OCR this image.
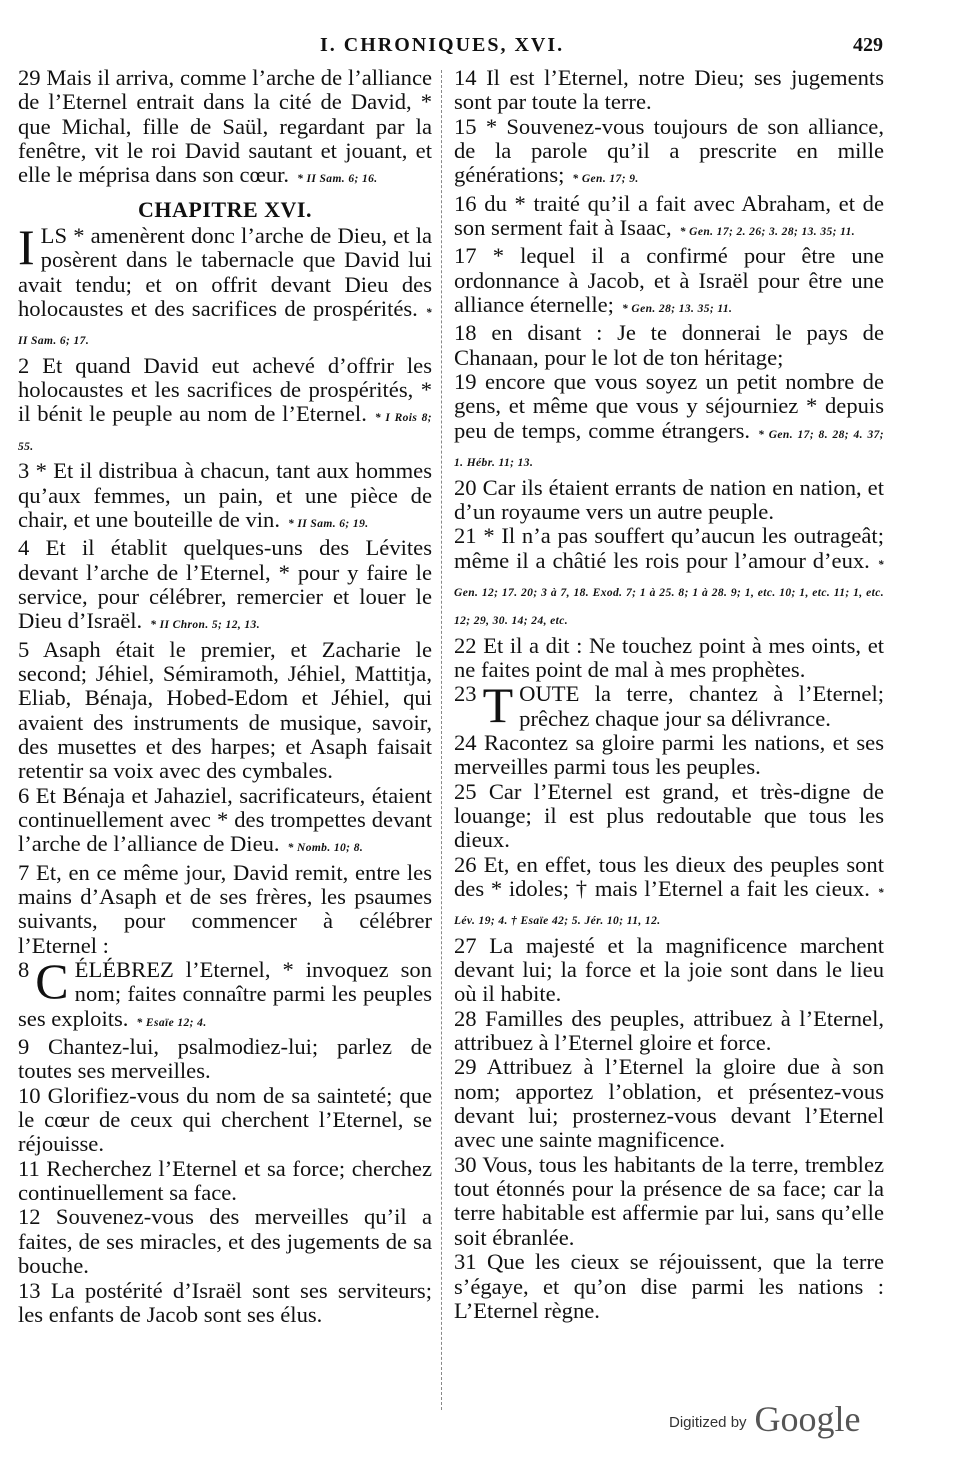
I. CHRONIQUES, XVI.	429
29 Mais il arriva, comme l’arche de l’alliance de l’Eternel entrait dans la cité de David, * que Michal, fille de Saül, regardant par la fenêtre, vit le roi David sautant et jouant, et elle le méprisa dans son cœur. * II Sam. 6; 16.
CHAPITRE XVI.
ILS * amenèrent donc l’arche de Dieu, et la posèrent dans le tabernacle que David lui avait tendu; et on offrit devant Dieu des holocaustes et des sacrifices de prospérités. * II Sam. 6; 17.
2 Et quand David eut achevé d’offrir les holocaustes et les sacrifices de prospérités, * il bénit le peuple au nom de l’Eternel. * I Rois 8; 55.
3 * Et il distribua à chacun, tant aux hommes qu’aux femmes, un pain, et une pièce de chair, et une bouteille de vin. * II Sam. 6; 19.
4 Et il établit quelques-uns des Lévites devant l’arche de l’Eternel, * pour y faire le service, pour célébrer, remercier et louer le Dieu d’Israël. * II Chron. 5; 12, 13.
5 Asaph était le premier, et Zacharie le second; Jéhiel, Sémiramoth, Jéhiel, Mattitja, Eliab, Bénaja, Hobed-Edom et Jéhiel, qui avaient des instruments de musique, savoir, des musettes et des harpes; et Asaph faisait retentir sa voix avec des cymbales.
6 Et Bénaja et Jahaziel, sacrificateurs, étaient continuellement avec * des trompettes devant l’arche de l’alliance de Dieu. * Nomb. 10; 8.
7 Et, en ce même jour, David remit, entre les mains d’Asaph et de ses frères, les psaumes suivants, pour commencer à célébrer l’Eternel :
8 C ÉLÉBREZ l’Eternel, * invoquez son nom; faites connaître parmi les peuples ses exploits. * Esaïe 12; 4.
9 Chantez-lui, psalmodiez-lui; parlez de toutes ses merveilles.
10 Glorifiez-vous du nom de sa sainteté; que le cœur de ceux qui cherchent l’Eternel, se réjouisse.
11 Recherchez l’Eternel et sa force; cherchez continuellement sa face.
12 Souvenez-vous des merveilles qu’il a faites, de ses miracles, et des jugements de sa bouche.
13 La postérité d’Israël sont ses serviteurs; les enfants de Jacob sont ses élus.
14 Il est l’Eternel, notre Dieu; ses jugements sont par toute la terre.
15 * Souvenez-vous toujours de son alliance, de la parole qu’il a prescrite en mille générations; * Gen. 17; 9.
16 du * traité qu’il a fait avec Abraham, et de son serment fait à Isaac, * Gen. 17; 2. 26; 3. 28; 13. 35; 11.
17 * lequel il a confirmé pour être une ordonnance à Jacob, et à Israël pour être une alliance éternelle; * Gen. 28; 13. 35; 11.
18 en disant : Je te donnerai le pays de Chanaan, pour le lot de ton héritage;
19 encore que vous soyez un petit nombre de gens, et même que vous y séjourniez * depuis peu de temps, comme étrangers. * Gen. 17; 8. 28; 4. 37; 1. Hébr. 11; 13.
20 Car ils étaient errants de nation en nation, et d’un royaume vers un autre peuple.
21 * Il n’a pas souffert qu’aucun les outrageât; même il a châtié les rois pour l’amour d’eux. * Gen. 12; 17. 20; 3 à 7, 18. Exod. 7; 1 à 25. 8; 1 à 28. 9; 1, etc. 10; 1, etc. 11; 1, etc. 12; 29, 30. 14; 24, etc.
22 Et il a dit : Ne touchez point à mes oints, et ne faites point de mal à mes prophètes.
23 T OUTE la terre, chantez à l’Eternel; prêchez chaque jour sa délivrance.
24 Racontez sa gloire parmi les nations, et ses merveilles parmi tous les peuples.
25 Car l’Eternel est grand, et très-digne de louange; il est plus redoutable que tous les dieux.
26 Et, en effet, tous les dieux des peuples sont des * idoles; † mais l’Eternel a fait les cieux. * Lév. 19; 4. † Esaïe 42; 5. Jér. 10; 11, 12.
27 La majesté et la magnificence marchent devant lui; la force et la joie sont dans le lieu où il habite.
28 Familles des peuples, attribuez à l’Eternel, attribuez à l’Eternel gloire et force.
29 Attribuez à l’Eternel la gloire due à son nom; apportez l’oblation, et présentez-vous devant lui; prosternez-vous devant l’Eternel avec une sainte magnificence.
30 Vous, tous les habitants de la terre, tremblez tout étonnés pour la présence de sa face; car la terre habitable est affermie par lui, sans qu’elle soit ébranlée.
31 Que les cieux se réjouissent, que la terre s’égaye, et qu’on dise parmi les nations : L’Eternel règne.
Digitized by Google
